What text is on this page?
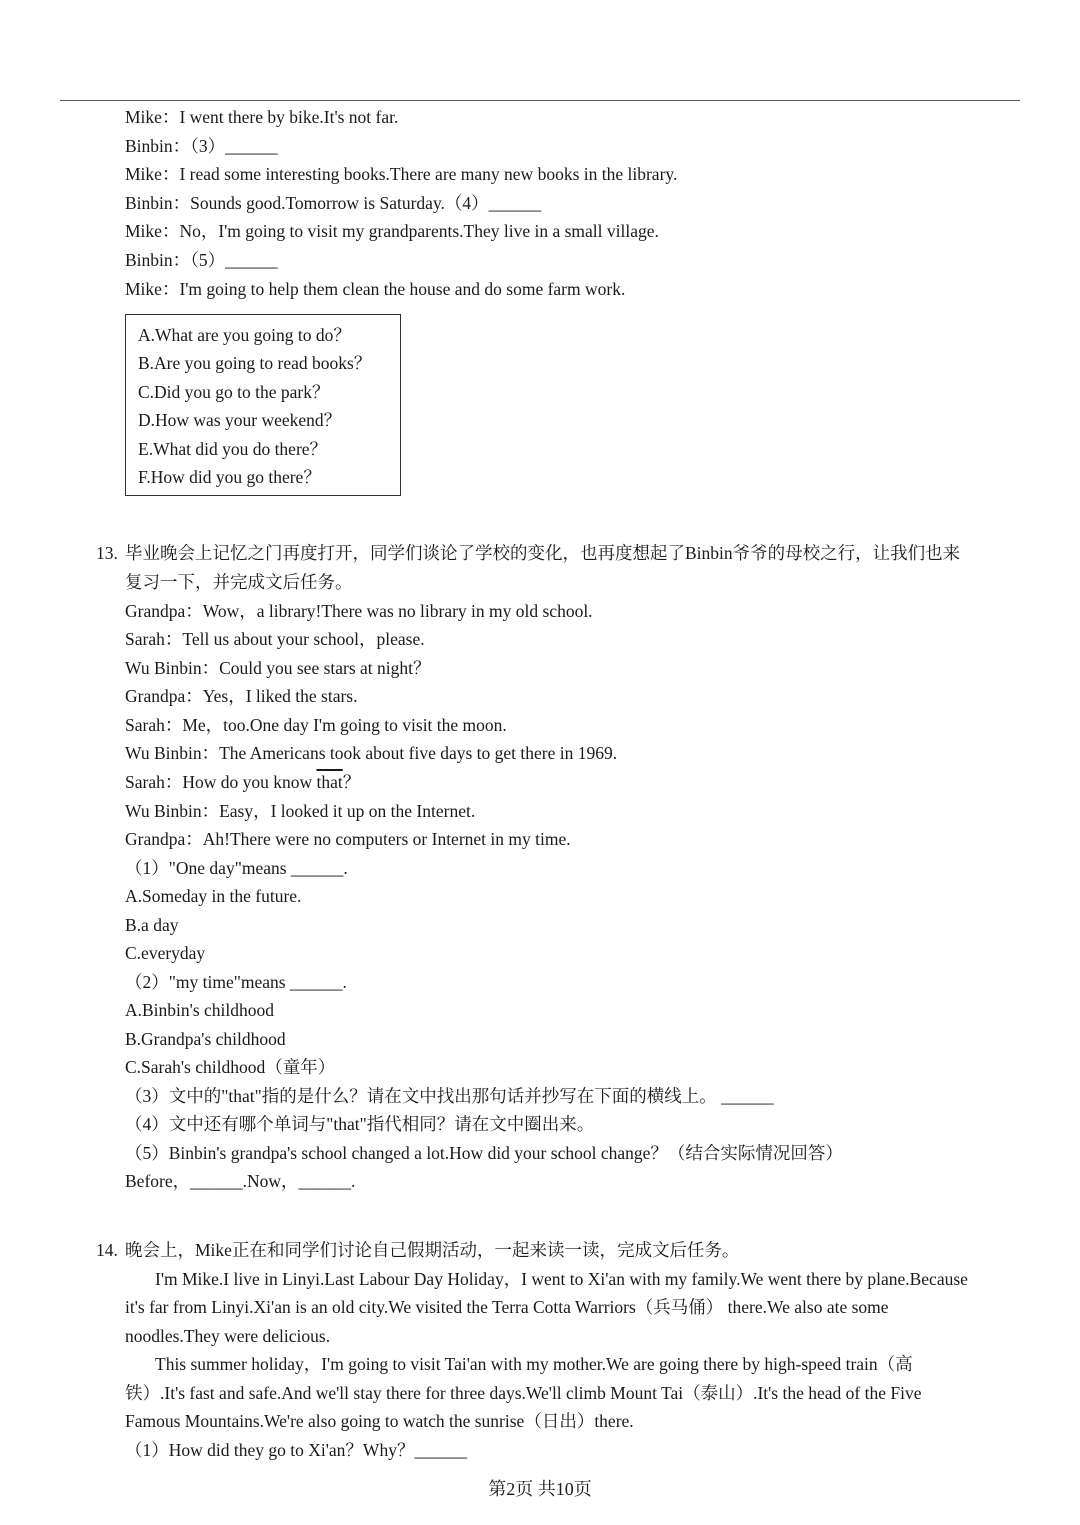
Mike：I went there by bike.It's not far.
Binbin：（3）______
Mike：I read some interesting books.There are many new books in the library.
Binbin：Sounds good.Tomorrow is Saturday.（4）______
Mike：No，I'm going to visit my grandparents.They live in a small village.
Binbin：（5）______
Mike：I'm going to help them clean the house and do some farm work.
A.What are you going to do？
B.Are you going to read books？
C.Did you go to the park？
D.How was your weekend？
E.What did you do there？
F.How did you go there？
13. 毕业晚会上记忆之门再度打开，同学们谈论了学校的变化，也再度想起了Binbin爷爷的母校之行，让我们也来
复习一下，并完成文后任务。
Grandpa：Wow，a library!There was no library in my old school.
Sarah：Tell us about your school，please.
Wu Binbin：Could you see stars at night？
Grandpa：Yes，I liked the stars.
Sarah：Me，too.One day I'm going to visit the moon.
Wu Binbin：The Americans took about five days to get there in 1969.
Sarah：How do you know that？
Wu Binbin：Easy，I looked it up on the Internet.
Grandpa：Ah!There were no computers or Internet in my time.
（1）"One day"means ______.
A.Someday in the future.
B.a day
C.everyday
（2）"my time"means ______.
A.Binbin's childhood
B.Grandpa's childhood
C.Sarah's childhood（童年）
（3）文中的"that"指的是什么？请在文中找出那句话并抄写在下面的横线上。 ______
（4）文中还有哪个单词与"that"指代相同？请在文中圈出来。
（5）Binbin's grandpa's school changed a lot.How did your school change？（结合实际情况回答）
Before，______.Now，______.
14. 晚会上，Mike正在和同学们讨论自己假期活动，一起来读一读，完成文后任务。
I'm Mike.I live in Linyi.Last Labour Day Holiday，I went to Xi'an with my family.We went there by plane.Because
it's far from Linyi.Xi'an is an old city.We visited the Terra Cotta Warriors（兵马俑） there.We also ate some
noodles.They were delicious.
This summer holiday，I'm going to visit Tai'an with my mother.We are going there by high-speed train（高
铁）.It's fast and safe.And we'll stay there for three days.We'll climb Mount Tai（泰山）.It's the head of the Five
Famous Mountains.We're also going to watch the sunrise（日出）there.
（1）How did they go to Xi'an？Why？______
第2页 共10页
